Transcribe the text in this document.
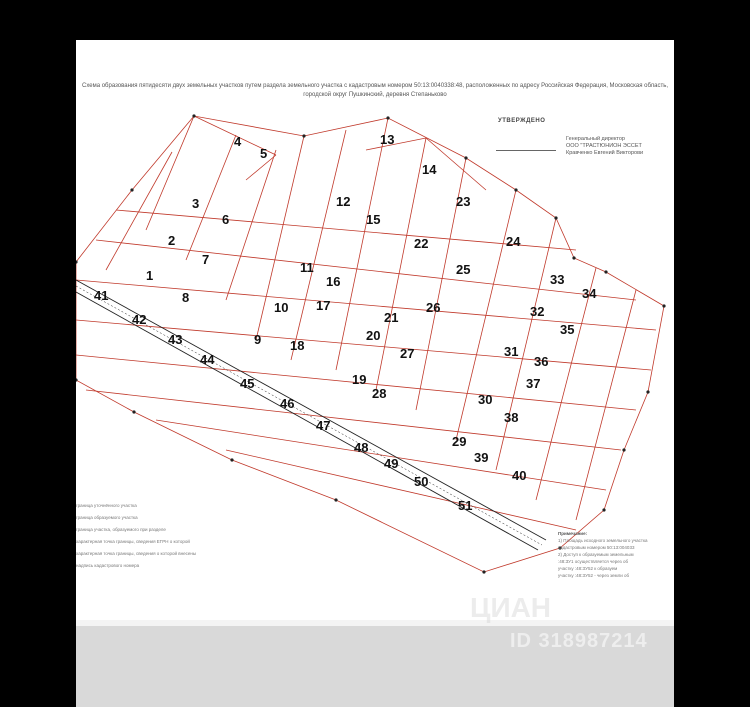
Схема образования пятидесяти двух земельных участков путем раздела земельного участка с кадастровым номером 50:13:0040338:48, расположенных по адресу Российская Федерация, Московская область, городской округ Пушкинский, деревня Степаньково
УТВЕРЖДЕНО
Генеральный директор
ООО "ТРАСТЮНИОН ЭССЕТ
Кравченко Евгений Викторови
1
2
3
4
5
6
7
8
9
10
11
12
13
14
15
16
17
18
19
20
21
22
23
24
25
26
27
28
29
30
31
32
33
34
35
36
37
38
39
40
41
42
43
44
45
46
47
48
49
50
51
граница уточнённого участка
граница образуемого участка
граница участка, образуемого при разделе
характерная точка границы, сведения ЕГРН о которой
характерная точка границы, сведения о которой внесены
надпись кадастрового номера
Примечание:
1) Площадь исходного земельного участка
кадастровым номером 50:13:004033
2) Доступ к образуемым земельным
:48:ЗУ1 осуществляется через об
участку :48:ЗУ52 к образуем
участку :48:ЗУ52 - через земли об
ЦИАН
ID 318987214
